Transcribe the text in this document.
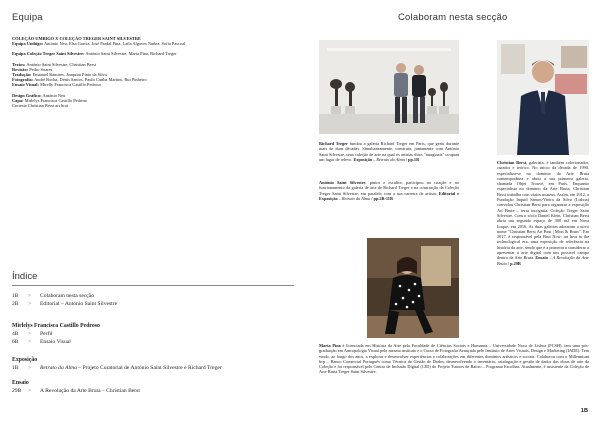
Equipa
COLEÇÃO UMBIGO X COLEÇÃO TREGER SAINT SILVESTRE
Equipa Umbigo: António Neu, Elsa Garcia, José Pardal Pina, Laila Algaves Nuñez, Sofia Pascoal
Equipa Coleção Treger Saint Silvestre: António Saint Silvestre, Marta Pina, Richard Treger
Textos: António Saint Silvestre, Christian Berst
Revisão: Pedro Soares
Tradução: Emanuel Ramires, Joaquim Pinto da Silva
Fotografia: André Rocha, Denis Santos, Paulo Cunha Martins, Rui Pinheiro
Ensaio Visual: Mirelly Francisca Castillo Pedroso
Design Gráfico: António Neu
Capa: Mirlelys Francisca Castillo Pedroso
Cortesia Christian Berst art brut
Índice
1B	>	Colaboram nesta secção
2B	>	Editorial – António Saint Silvestre
Mirlelys Francisca Castillo Pedroso
4B	>	Perfil
6B	>	Ensaio Visual
Exposição
1B	>	Retrato da Alma – Projeto Curatorial de António Saint Silvestre e Richard Treger
Ensaio
29B	>	A Revolução da Arte Bruta – Christian Berst
Colaboram nesta secção
Richard Treger fundou a galeria Richard Treger em Paris, que geriu durante mais de duas décadas. Simultaneamente, construiu, juntamente com António Saint Silvestre, uma coleção de arte na qual os artistas ditos "marginais" ocupam um lugar de relevo. Exposição – Retrato da Alma / pp.1B
António Saint Silvestre, pintor e escultor, participou na criação e no funcionamento da galeria de arte de Richard Treger e na construção da Coleção Treger Saint Silvestre, em paralelo com a sua carreira de artista. Editorial e Exposição – Retrato da Alma / pp.2B-11B
Christian Berst, galerista, é também colecionador, curador e teórico. No início da década de 1990, especializa-se no domínio da Arte Bruta contemporânea e abriu a sua primeira galeria, chamada Objet Trouvé, em Paris. Enquanto especialista no domínio da Arte Bruta, Christian Berst trabalha com vários museus. Assim, em 2012, a Fundação Inquid Samos-Vieira da Silva (Lisboa) convidou Christian Berst para organizar a exposição Art Brute – terra incógnita, Coleção Treger Saint Silvestre. Com o sócio Daniel Klein, Christian Berst abriu um segundo espaço de 300 m2 em Nova Iorque, em 2016. As duas galerias adotaram o novo nome "Christian Berst Art Brut | Mots & Bruts". Em 2017, é responsável pela Brut Now: art brut in the technological era, uma exposição de referência na história da arte, sendo que é a primeira a considerar a apresentar a arte digital com um possível campo dentro da Arte Bruta. Ensaio – A Revolução da Arte Bruta / p.29B
Marta Pina é licenciada em História da Arte pela Faculdade de Ciências Sociais e Humanas – Universidade Nova de Lisboa (FCSH), tem uma pós-graduação em Antropologia Visual pelo mesmo instituto e o Curso de Fotografia Avançada pelo Instituto de Artes Visuais, Design e Marketing (IADE). Tem vindo, ao longo dos anos, a explorar e desenvolver experiências e colaborações em diferentes domínios artísticos e sociais. Colaborou com o Millennium bcp – Banco Comercial Português como Técnica de Gestão de Dados, desenvolvendo o inventário, catalogação e gestão de dados das obras de arte da Coleção e foi responsável pelo Centro de Inclusão Digital (CID) do Projeto Tutores de Bairro – Programa Escolhas. Atualmente, é assistente da Coleção de Arte Bruta Treger Saint Silvestre.
1B
